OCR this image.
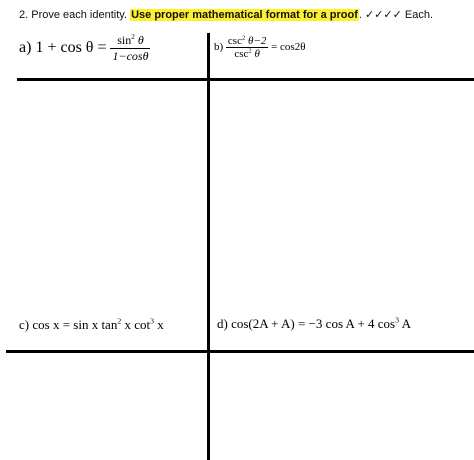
2. Prove each identity. Use proper mathematical format for a proof. ✓✓✓✓ Each.
a) $1 + \cos \theta = \frac{\sin^2 \theta}{1-\cos\theta}$	$b) \frac{\csc^2 \theta-2}{\csc^2 \theta} = \cos 2\theta$
c) cos x = sin x $\tan^2 x$ $\cot^3 x$	d) cos(2A + A) = −3 cos A + 4 $\cos^3 A$
